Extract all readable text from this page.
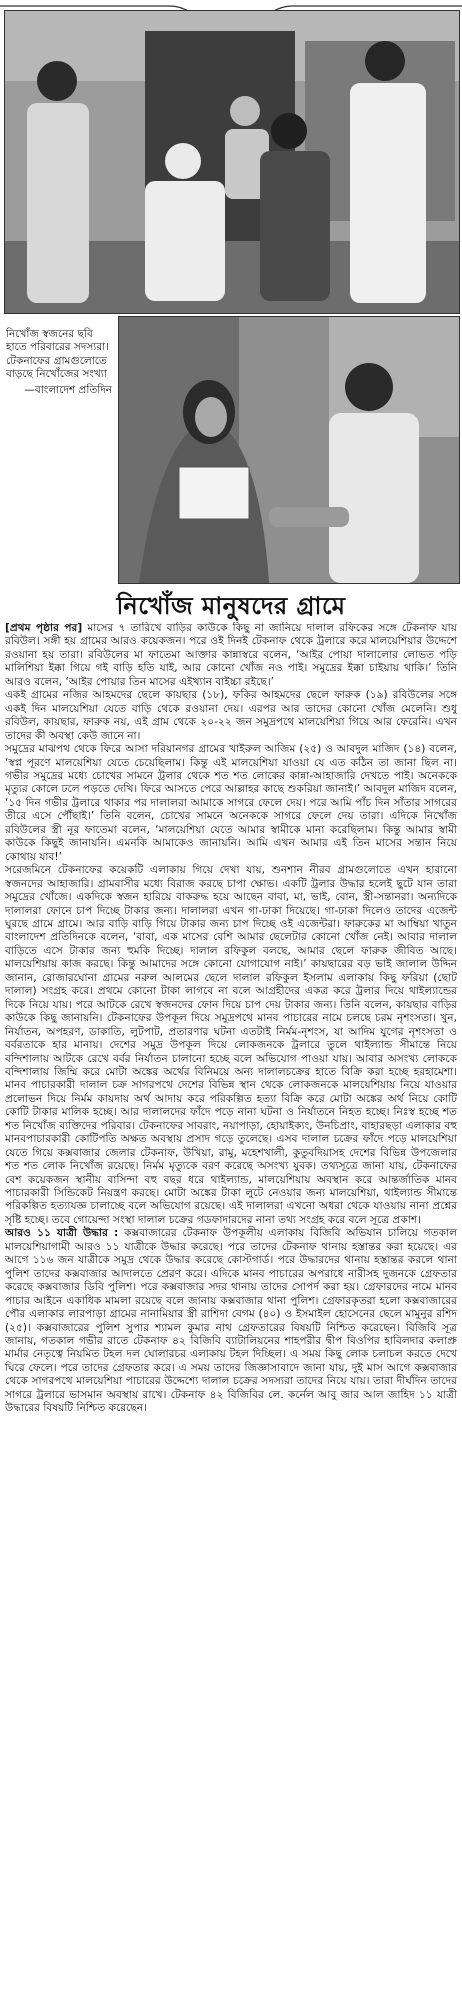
নিখোঁজ স্বজনের ছবি হাতে পরিবারের সদস্যরা। টেকনাফের গ্রামগুলোতে বাড়ছে নিখোঁজের সংখ্যা
—বাংলাদেশ প্রতিদিন
নিখোঁজ মানুষদের গ্রামে

[প্রথম পৃষ্ঠার পর] মাসের ৭ তারিখে বাড়ির কাউকে কিছু না জানিয়ে দালাল রফিকের সঙ্গে টেকনাফ যায় রবিউল। সঙ্গী হয় গ্রামের আরও কয়েকজন। পরে ওই দিনই টেকনাফ থেকে ট্রলারে করে মালয়েশিয়ার উদ্দেশে রওয়ানা হয় তারা। রবিউলের মা ফাতেমা আক্তার কান্নাস্বরে বলেন, ‘আইর পোয়া দালালোর লোভত পড়ি মালিশিয়া ইক্কা গিয়ে গই বাড়ি হতি যাই, আর কোনো খোঁজ নও পাই। সমুদ্রের ইক্কা চাইয়ায় থাকি।’ তিনি আরও বলেন, ‘আইর পোয়ার তিন মাসের এইখ্যান বাইচ্চা রইছে।’

একই গ্রামের নজির আহমদের ছেলে কায়ছার (১৮), ফকির আহমদের ছেলে ফারুক (১৯) রবিউলের সঙ্গে একই দিন মালয়েশিয়া যেতে বাড়ি থেকে রওয়ানা দেয়। এরপর আর তাদের কোনো খোঁজ মেলেনি। শুধু রবিউল, কায়ছার, ফারুক নয়, এই গ্রাম থেকে ২০-২২ জন সমুদ্রপথে মালয়েশিয়া গিয়ে আর ফেরেনি। এখন তাদের কী অবস্থা কেউ জানে না।

সমুদ্রের মাঝপথ থেকে ফিরে আসা দরিয়ানগর গ্রামের খাইরুল আজিম (২৫) ও আবদুল মাজিদ (১৪) বলেন, ‘স্বপ্ন পূরণে মালয়েশিয়া যেতে চেয়েছিলাম। কিন্তু এই মালয়েশিয়া যাওয়া যে এত কঠিন তা জানা ছিল না। গভীর সমুদ্রের মধ্যে চোখের সামনে ট্রলার থেকে শত শত লোকের কান্না-আহাজারি দেখতে পাই। অনেককে মৃত্যুর কোলে ঢলে পড়তে দেখি। ফিরে আসতে পেরে আল্লাহর কাছে শুকরিয়া জানাই।’ আবদুল মাজিদ বলেন, ‘১৫ দিন গভীর ট্রলারে থাকার পর দালালরা আমাকে সাগরে ফেলে দেয়। পরে আমি পাঁচ দিন সাঁতার সাগরের তীরে এসে পৌঁছাই।’ তিনি বলেন, চোখের সামনে অনেককে সাগরে ফেলে দেয় তারা। এদিকে নিখোঁজ রবিউলের স্ত্রী নূর ফাতেমা বলেন, ‘মালয়েশিয়া যেতে আমার স্বামীকে মানা করেছিলাম। কিন্তু আমার স্বামী কাউকে কিছুই জানায়নি। এমনকি আমাকেও জানায়নি। আমি এখন আমার এই তিন মাসের সন্তান নিয়ে কোথায় যাব!’

সরেজমিনে টেকনাফের কয়েকটি এলাকায় গিয়ে দেখা যায়, শুনশান নীরব গ্রামগুলোতে এখন হারানো স্বজনদের আহাজারি। গ্রামবাসীর মধ্যে বিরাজ করছে চাপা ক্ষোভ। একটি ট্রলার উদ্ধার হলেই ছুটে যান তারা সমুদ্রের খোঁজে। একদিকে স্বজন হারিয়ে বাকরুদ্ধ হয়ে আছেন বাবা, মা, ভাই, বোন, স্ত্রী-সন্তানরা। অন্যদিকে দালালরা ফোনে চাপ দিচ্ছে টাকার জন্য। দালালরা এখন গা-ঢাকা দিয়েছে। গা-ঢাকা দিলেও তাদের এজেন্ট ঘুরছে গ্রামে গ্রামে। আর বাড়ি বাড়ি গিয়ে টাকার জন্য চাপ দিচ্ছে ওই এজেন্টরা। ফারুকের মা আম্বিয়া খাতুন বাংলাদেশ প্রতিদিনকে বলেন, ‘বাবা, এক মাসের বেশি আমার ছেলেটার কোনো খোঁজ নেই। আবার দালাল বাড়িতে এসে টাকার জন্য হুমকি দিচ্ছে। দালাল রফিকুল বলছে, আমার ছেলে ফারুক জীবিত আছে। মালয়েশিয়ায় কাজ করছে। কিন্তু আমাদের সঙ্গে কোনো যোগাযোগ নাই।’ কায়ছারের বড় ভাই জালাল উদ্দিন জানান, রোজারঘোনা গ্রামের নরুল আলমের ছেলে দালাল রফিকুল ইসলাম এলাকায় কিছু ফরিয়া (ছোট দালাল) সংগ্রহ করে। প্রথমে কোনো টাকা লাগবে না বলে আগ্রহীদের একত্র করে ট্রলার দিয়ে থাইল্যান্ডের দিকে নিয়ে যায়। পরে আটকে রেখে স্বজনদের ফোন দিয়ে চাপ দেয় টাকার জন্য। তিনি বলেন, কায়ছার বাড়ির কাউকে কিছু জানায়নি। টেকনাফের উপকূল দিয়ে সমুদ্রপথে মানব পাচারের নামে চলছে চরম নৃশংসতা। খুন, নির্যাতন, অপহরণ, ডাকাতি, লুটপাট, প্রতারণার ঘটনা এতটাই নির্মম-নৃশংস, যা আদিম যুগের নৃশংসতা ও বর্বরতাকে হার মানায়। দেশের সমুদ্র উপকূল দিয়ে লোকজনকে ট্রলারে তুলে থাইল্যান্ড সীমান্তে নিয়ে বন্দিশালায় আটকে রেখে বর্বর নির্যাতন চালানো হচ্ছে বলে অভিযোগ পাওয়া যায়। আবার অসংখ্য লোককে বন্দিশালায় জিম্মি করে মোটা অঙ্কের অর্থের বিনিময়ে অন্য দালালচক্রের হাতে বিক্রি করা হচ্ছে হরহামেশা। মানব পাচারকারী দালাল চক্র সাগরপথে দেশের বিভিন্ন স্থান থেকে লোকজনকে মালয়েশিয়ায় নিয়ে যাওয়ার প্রলোভন দিয়ে নির্মম কায়দায় অর্থ আদায় করে পরিকল্পিত হত্যা বিক্রি করে মোটা অঙ্কের অর্থ নিয়ে কোটি কোটি টাকার মালিক হচ্ছে। আর দালালদের ফাঁদে পড়ে নানা ঘটনা ও নির্যাতনে নিহত হচ্ছে। নিঃস্ব হচ্ছে শত শত নিখোঁজ ব্যক্তিদের পরিবার। টেকনাফের সাবরাং, নয়াপাড়া, হোয়াইক্যং, উনচিপ্রাং, বাহারছড়া এলাকার বহু মানবপাচারকারী কোটিপতি অক্ষত অবস্থায় প্রসাদ গড়ে তুলেছে। এসব দালাল চক্রের ফাঁদে পড়ে মালয়েশিয়া যেতে গিয়ে কক্সবাজার জেলার টেকনাফ, উখিয়া, রামু, মহেশখালী, কুতুবদিয়াসহ দেশের বিভিন্ন উপজেলার শত শত লোক নিখোঁজ রয়েছে। নির্মম মৃত্যুকে বরণ করেছে অসংখ্য যুবক। তথ্যসূত্রে জানা যায়, টেকনাফের বেশ কয়েকজন স্থানীয় বাসিন্দা বহু বছর ধরে থাইল্যান্ড, মালয়েশিয়ায় অবস্থান করে আন্তর্জাতিক মানব পাচারকারী সিন্ডিকেট নিয়ন্ত্রণ করছে। মোটা অঙ্কের টাকা লুটে নেওয়ার জন্য মালয়েশিয়া, থাইল্যান্ড সীমান্তে পরিকল্পিত হত্যাযজ্ঞ চালাচ্ছে বলে অভিযোগ রয়েছে। এই দালালরা এখনো অধরা থেকে যাওয়ায় নানা প্রশ্নের সৃষ্টি হচ্ছে। তবে গোয়েন্দা সংস্থা দালাল চক্রের গডফাদারদের নানা তথ্য সংগ্রহ করে বলে সূত্রে প্রকাশ।

আরও ১১ যাত্রী উদ্ধার : কক্সবাজারের টেকনাফ উপকূলীয় এলাকায় বিজিবি অভিযান চালিয়ে গতকাল মালয়েশিয়াগামী আরও ১১ যাত্রীকে উদ্ধার করেছে। পরে তাদের টেকনাফ থানায় হস্তান্তর করা হয়েছে। এর আগে ১১৬ জন যাত্রীকে সমুদ্র থেকে উদ্ধার করেছে কোস্টগার্ড। পরে উদ্ধারদের থানায় হস্তান্তর করলে থানা পুলিশ তাদের কক্সবাজার আদালতে প্রেরণ করে। এদিকে মানব পাচারের অপরাধে নারীসহ দুজনকে গ্রেফতার করেছে কক্সবাজার ডিবি পুলিশ। পরে কক্সবাজার সদর থানায় তাদের সোপর্দ করা হয়। গ্রেফারদের নামে মানব পাচার আইনে একাধিক মামলা রয়েছে বলে জানায় কক্সবাজার থানা পুলিশ। গ্রেফারকৃতরা হলো কক্সবাজারের পৌর এলাকার লারপাড়া গ্রামের নানামিয়ার স্ত্রী রাশিদা বেগম (৪০) ও ইসমাইল হোসেনের ছেলে মামুনুর রশিদ (২৫)। কক্সবাজারের পুলিশ সুপার শ্যামল কুমার নাথ গ্রেফতারের বিষয়টি নিশ্চিত করেছেন। বিজিবি সূত্র জানায়, গতকাল গভীর রাতে টেকনাফ ৪২ বিজিবি ব্যাটালিয়নের শাহপরীর দ্বীপ বিওপির হাবিলদার কলাপ্রু মার্মার নেতৃত্বে নিয়মিত টহল দল ঘোলারচর এলাকায় টহল দিচ্ছিল। এ সময় কিছু লোক চলাচল করতে দেখে ঘিরে ফেলে। পরে তাদের গ্রেফতার করে। এ সময় তাদের জিজ্ঞাসাবাদে জানা যায়, দুই মাস আগে কক্সবাজার থেকে সাগরপথে মালয়েশিয়া পাচারের উদ্দেশ্যে দালাল চক্রের সদস্যরা তাদের নিয়ে যায়। তারা দীর্ঘদিন তাদের সাগরে ট্রলারে ভাসমান অবস্থায় রাখে। টেকনাফ ৪২ বিজিবির লে. কর্নেল আবু জার আল জাহিদ ১১ যাত্রী উদ্ধারের বিষয়টি নিশ্চিত করেছেন।
